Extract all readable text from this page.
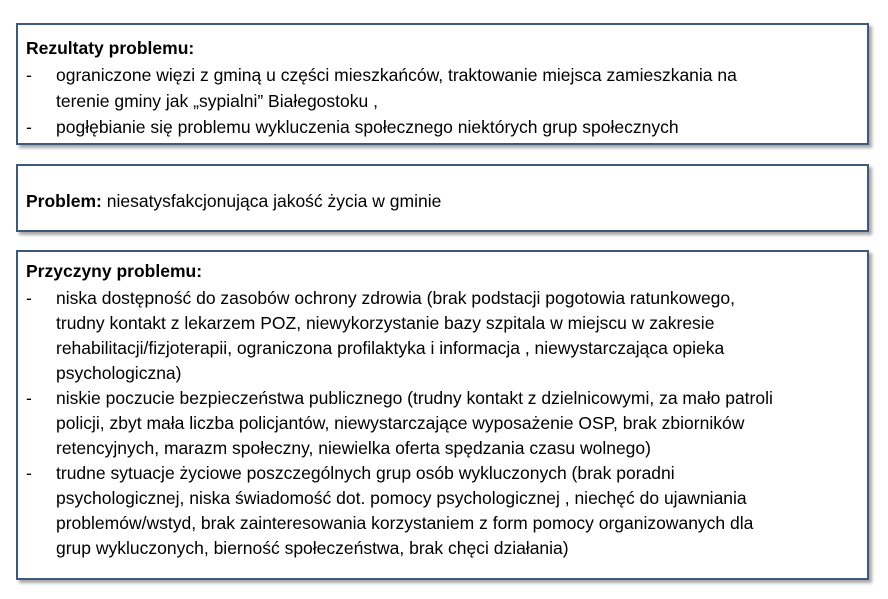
Rezultaty problemu:
- ograniczone więzi z gminą u części mieszkańców, traktowanie miejsca zamieszkania na
terenie gminy jak „sypialni” Białegostoku ,
- pogłębianie się problemu wykluczenia społecznego niektórych grup społecznych
Problem: niesatysfakcjonująca jakość życia w gminie
Przyczyny problemu:
- niska dostępność do zasobów ochrony zdrowia (brak podstacji pogotowia ratunkowego,
trudny kontakt z lekarzem POZ, niewykorzystanie bazy szpitala w miejscu w zakresie
rehabilitacji/fizjoterapii, ograniczona profilaktyka i informacja , niewystarczająca opieka
psychologiczna)
- niskie poczucie bezpieczeństwa publicznego (trudny kontakt z dzielnicowymi, za mało patroli
policji, zbyt mała liczba policjantów, niewystarczające wyposażenie OSP, brak zbiorników
retencyjnych, marazm społeczny, niewielka oferta spędzania czasu wolnego)
- trudne sytuacje życiowe poszczególnych grup osób wykluczonych (brak poradni
psychologicznej, niska świadomość dot. pomocy psychologicznej , niechęć do ujawniania
problemów/wstyd, brak zainteresowania korzystaniem z form pomocy organizowanych dla
grup wykluczonych, bierność społeczeństwa, brak chęci działania)
